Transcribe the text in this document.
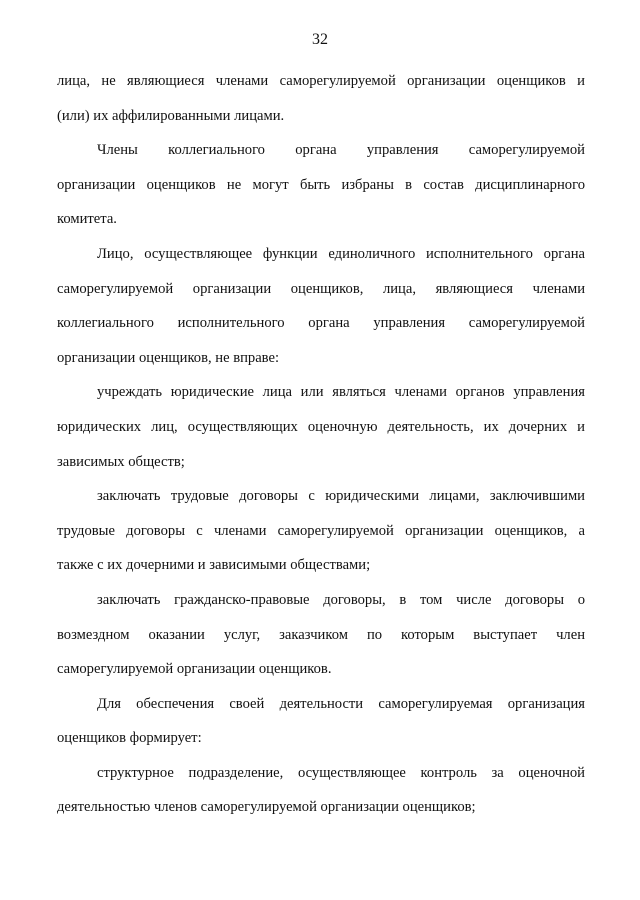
32
лица, не являющиеся членами саморегулируемой организации оценщиков и
(или) их аффилированными лицами.
Члены коллегиального органа управления саморегулируемой
организации оценщиков не могут быть избраны в состав дисциплинарного
комитета.
Лицо, осуществляющее функции единоличного исполнительного органа
саморегулируемой организации оценщиков, лица, являющиеся членами
коллегиального исполнительного органа управления саморегулируемой
организации оценщиков, не вправе:
учреждать юридические лица или являться членами органов управления
юридических лиц, осуществляющих оценочную деятельность, их дочерних и
зависимых обществ;
заключать трудовые договоры с юридическими лицами, заключившими
трудовые договоры с членами саморегулируемой организации оценщиков, а
также с их дочерними и зависимыми обществами;
заключать гражданско-правовые договоры, в том числе договоры о
возмездном оказании услуг, заказчиком по которым выступает член
саморегулируемой организации оценщиков.
Для обеспечения своей деятельности саморегулируемая организация
оценщиков формирует:
структурное подразделение, осуществляющее контроль за оценочной
деятельностью членов саморегулируемой организации оценщиков;
